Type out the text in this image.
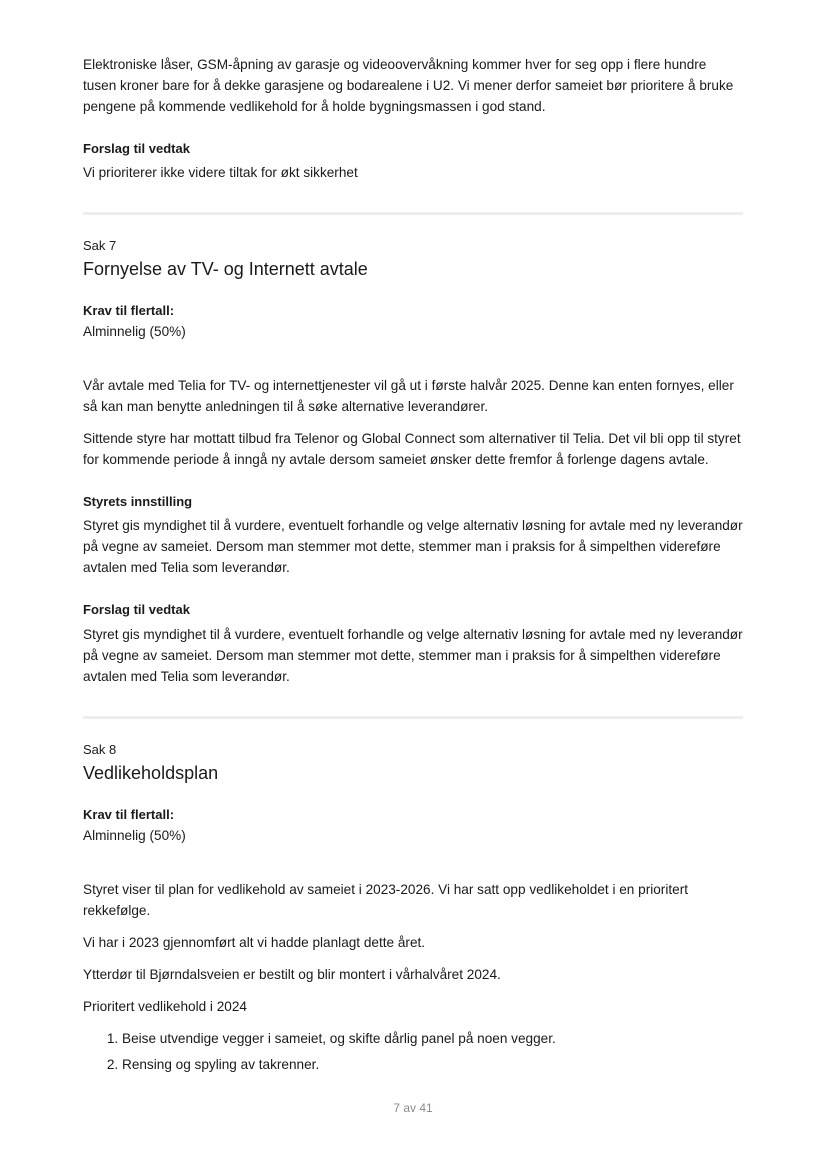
Elektroniske låser, GSM-åpning av garasje og videoovervåkning kommer hver for seg opp i flere hundre tusen kroner bare for å dekke garasjene og bodarealene i U2. Vi mener derfor sameiet bør prioritere å bruke pengene på kommende vedlikehold for å holde bygningsmassen i god stand.

Forslag til vedtak

Vi prioriterer ikke videre tiltak for økt sikkerhet

Sak 7

Fornyelse av TV- og Internett avtale

Krav til flertall:

Alminnelig (50%)

Vår avtale med Telia for TV- og internettjenester vil gå ut i første halvår 2025. Denne kan enten fornyes, eller så kan man benytte anledningen til å søke alternative leverandører.

Sittende styre har mottatt tilbud fra Telenor og Global Connect som alternativer til Telia. Det vil bli opp til styret for kommende periode å inngå ny avtale dersom sameiet ønsker dette fremfor å forlenge dagens avtale.

Styrets innstilling

Styret gis myndighet til å vurdere, eventuelt forhandle og velge alternativ løsning for avtale med ny leverandør på vegne av sameiet. Dersom man stemmer mot dette, stemmer man i praksis for å simpelthen videreføre avtalen med Telia som leverandør.

Forslag til vedtak

Styret gis myndighet til å vurdere, eventuelt forhandle og velge alternativ løsning for avtale med ny leverandør på vegne av sameiet. Dersom man stemmer mot dette, stemmer man i praksis for å simpelthen videreføre avtalen med Telia som leverandør.

Sak 8

Vedlikeholdsplan

Krav til flertall:

Alminnelig (50%)

Styret viser til plan for vedlikehold av sameiet i 2023-2026. Vi har satt opp vedlikeholdet i en prioritert rekkefølge.

Vi har i 2023 gjennomført alt vi hadde planlagt dette året.

Ytterdør til Bjørndalsveien er bestilt og blir montert i vårhalvåret 2024.

Prioritert vedlikehold i 2024

1. Beise utvendige vegger i sameiet, og skifte dårlig panel på noen vegger.
2. Rensing og spyling av takrenner.
7 av 41
